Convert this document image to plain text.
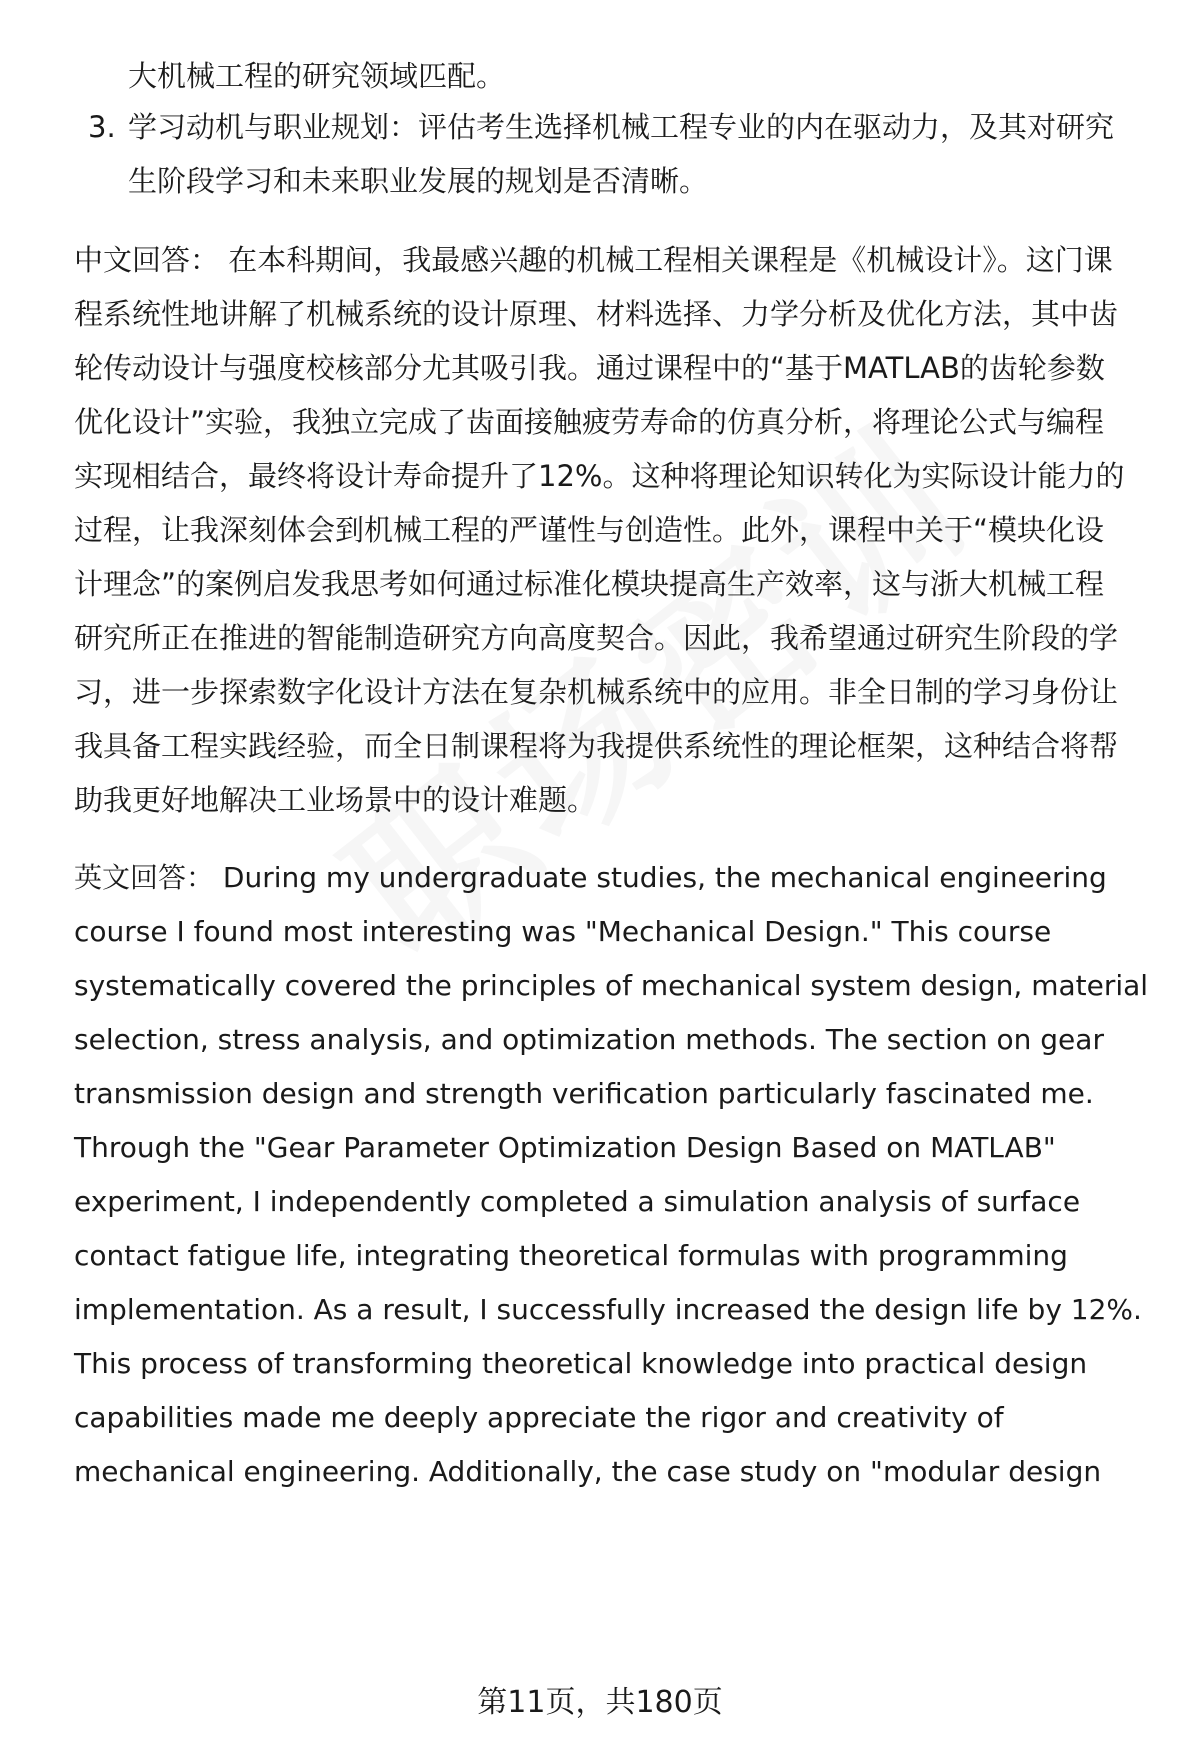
大机械工程的研究领域匹配。
3. 学习动机与职业规划：评估考生选择机械工程专业的内在驱动力，及其对研究
生阶段学习和未来职业发展的规划是否清晰。
中文回答： 在本科期间，我最感兴趣的机械工程相关课程是《机械设计》。这门课
程系统性地讲解了机械系统的设计原理、材料选择、力学分析及优化方法，其中齿
轮传动设计与强度校核部分尤其吸引我。通过课程中的“基于MATLAB的齿轮参数
优化设计”实验，我独立完成了齿面接触疲劳寿命的仿真分析，将理论公式与编程
实现相结合，最终将设计寿命提升了12%。这种将理论知识转化为实际设计能力的
过程，让我深刻体会到机械工程的严谨性与创造性。此外，课程中关于“模块化设
计理念”的案例启发我思考如何通过标准化模块提高生产效率，这与浙大机械工程
研究所正在推进的智能制造研究方向高度契合。因此，我希望通过研究生阶段的学
习，进一步探索数字化设计方法在复杂机械系统中的应用。非全日制的学习身份让
我具备工程实践经验，而全日制课程将为我提供系统性的理论框架，这种结合将帮
助我更好地解决工业场景中的设计难题。
英文回答： During my undergraduate studies, the mechanical engineering
course I found most interesting was "Mechanical Design." This course
systematically covered the principles of mechanical system design, material
selection, stress analysis, and optimization methods. The section on gear
transmission design and strength verification particularly fascinated me.
Through the "Gear Parameter Optimization Design Based on MATLAB"
experiment, I independently completed a simulation analysis of surface
contact fatigue life, integrating theoretical formulas with programming
implementation. As a result, I successfully increased the design life by 12%.
This process of transforming theoretical knowledge into practical design
capabilities made me deeply appreciate the rigor and creativity of
mechanical engineering. Additionally, the case study on "modular design
第11页，共180页
